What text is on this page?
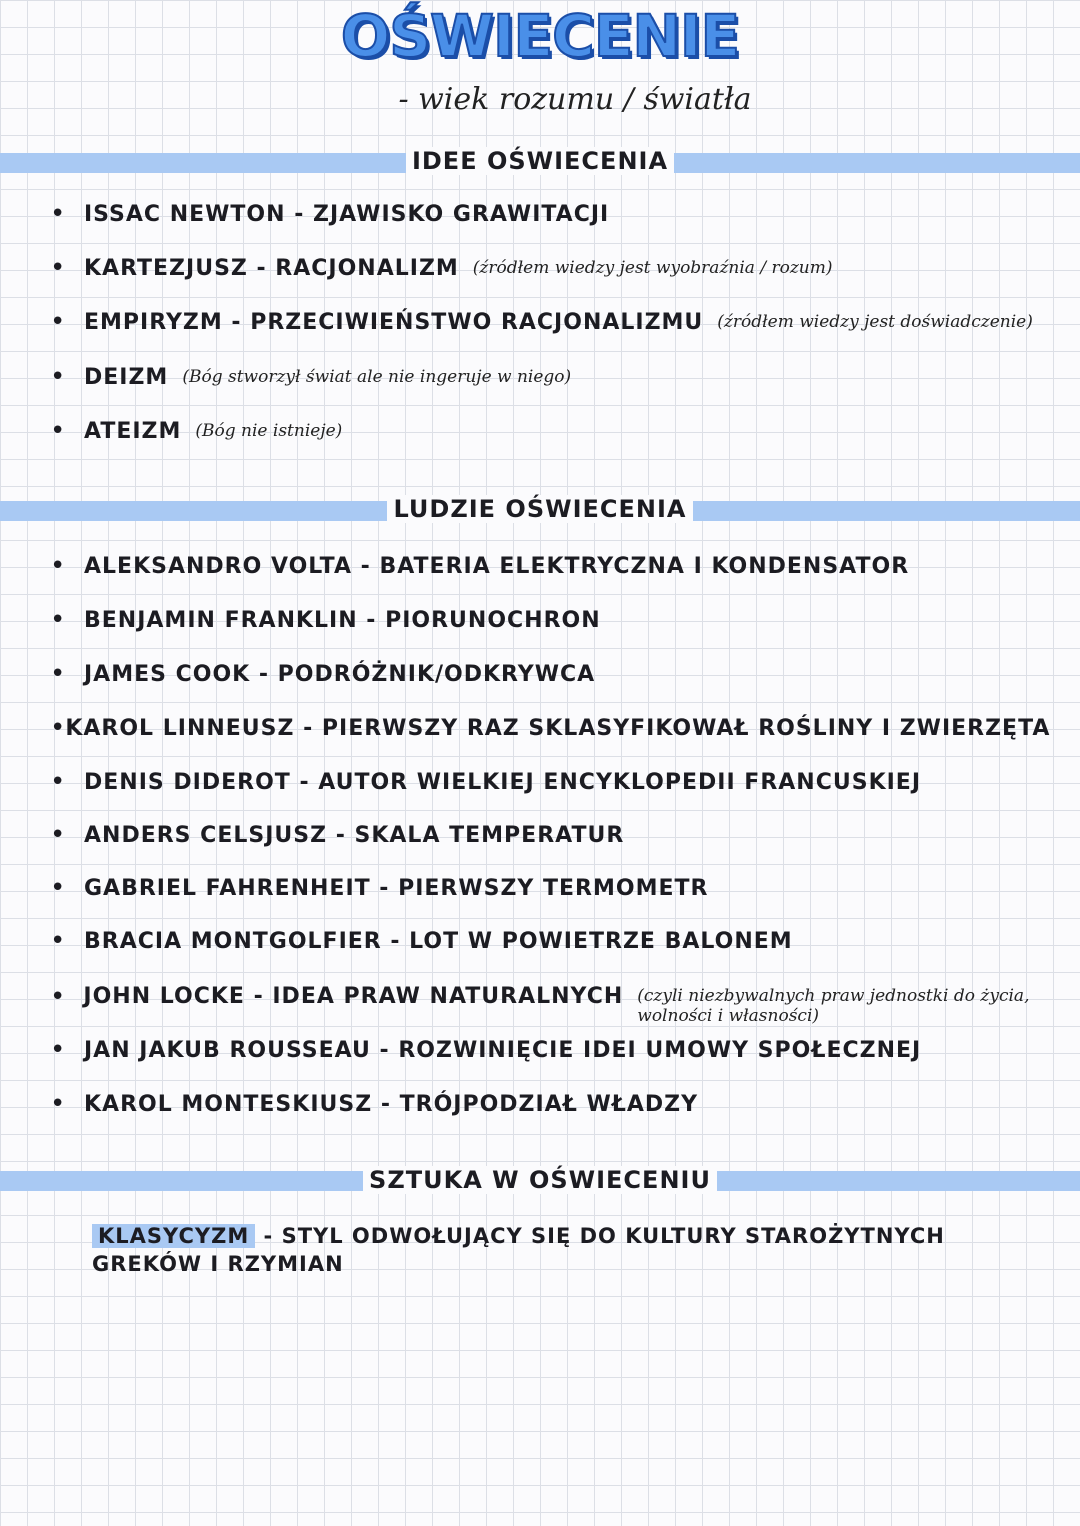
OŚWIECENIE
- wiek rozumu / światła
IDEE OŚWIECENIA
• ISSAC NEWTON - ZJAWISKO GRAWITACJI
• KARTEZJUSZ - RACJONALIZM (źródłem wiedzy jest wyobraźnia / rozum)
• EMPIRYZM - PRZECIWIEŃSTWO RACJONALIZMU (źródłem wiedzy jest doświadczenie)
• DEIZM (Bóg stworzył świat ale nie ingeruje w niego)
• ATEIZM (Bóg nie istnieje)
LUDZIE OŚWIECENIA
• ALEKSANDRO VOLTA - BATERIA ELEKTRYCZNA I KONDENSATOR
• BENJAMIN FRANKLIN - PIORUNOCHRON
• JAMES COOK - PODRÓŻNIK/ODKRYWCA
• KAROL LINNEUSZ - PIERWSZY RAZ SKLASYFIKOWAŁ ROŚLINY I ZWIERZĘTA
• DENIS DIDEROT - AUTOR WIELKIEJ ENCYKLOPEDII FRANCUSKIEJ
• ANDERS CELSJUSZ - SKALA TEMPERATUR
• GABRIEL FAHRENHEIT - PIERWSZY TERMOMETR
• BRACIA MONTGOLFIER - LOT W POWIETRZE BALONEM
• JOHN LOCKE - IDEA PRAW NATURALNYCH (czyli niezbywalnych praw jednostki do życia, wolności i własności)
• JAN JAKUB ROUSSEAU - ROZWINIĘCIE IDEI UMOWY SPOŁECZNEJ
• KAROL MONTESKIUSZ - TRÓJPODZIAŁ WŁADZY
SZTUKA W OŚWIECENIU
KLASYCYZM - STYL ODWOŁUJĄCY SIĘ DO KULTURY STAROŻYTNYCH GREKÓW I RZYMIAN
